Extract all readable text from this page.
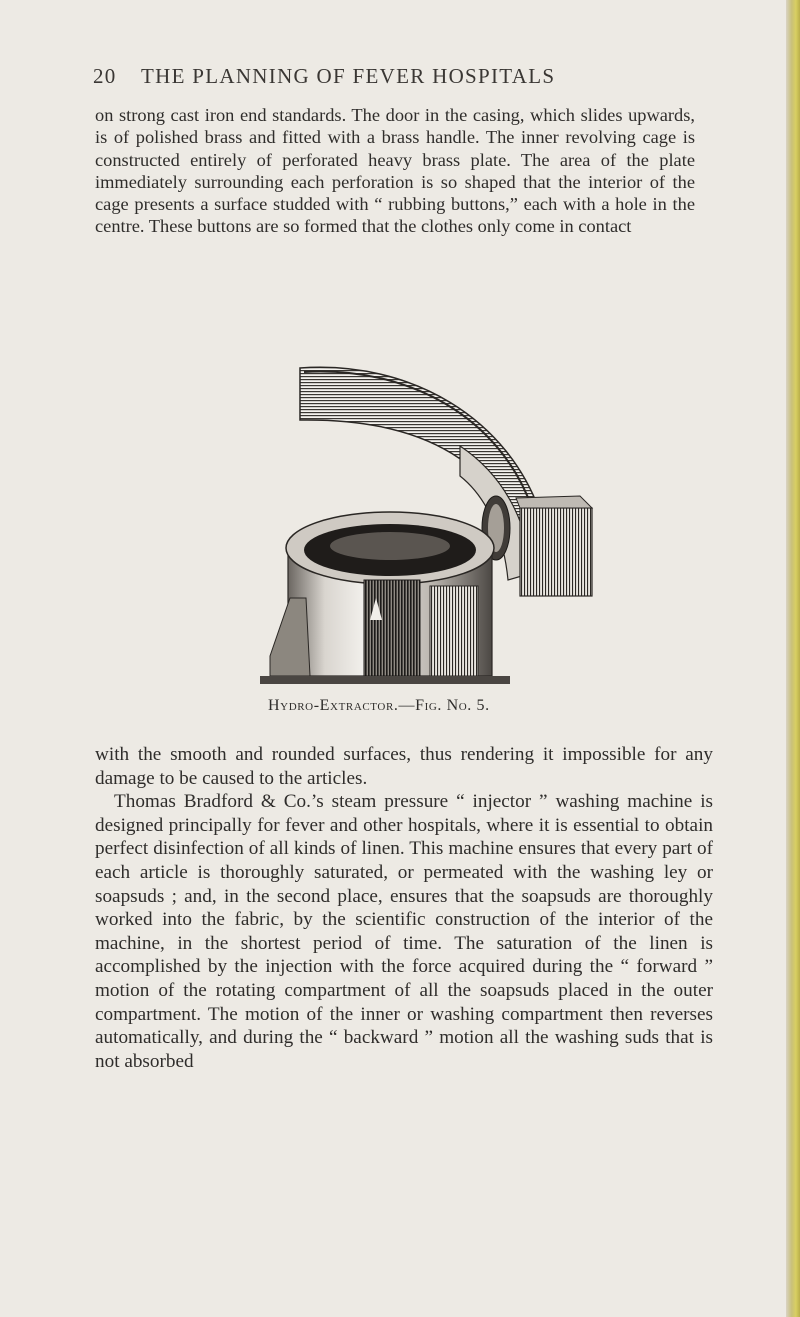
20 THE PLANNING OF FEVER HOSPITALS

on strong cast iron end standards. The door in the casing, which slides upwards, is of polished brass and fitted with a brass handle. The inner revolving cage is constructed entirely of perforated heavy brass plate. The area of the plate immediately surrounding each perforation is so shaped that the interior of the cage presents a surface studded with “ rubbing buttons,” each with a hole in the centre. These buttons are so formed that the clothes only come in contact

Hydro-Extractor.—Fig. No. 5.
with the smooth and rounded surfaces, thus rendering it impossible for any damage to be caused to the articles.
Thomas Bradford & Co.’s steam pressure “ injector ” washing machine is designed principally for fever and other hospitals, where it is essential to obtain perfect disinfection of all kinds of linen. This machine ensures that every part of each article is thoroughly saturated, or permeated with the washing ley or soapsuds ; and, in the second place, ensures that the soapsuds are thoroughly worked into the fabric, by the scientific construction of the interior of the machine, in the shortest period of time. The saturation of the linen is accomplished by the injection with the force acquired during the “ forward ” motion of the rotating compartment of all the soapsuds placed in the outer compartment. The motion of the inner or washing compartment then reverses automatically, and during the “ backward ” motion all the washing suds that is not absorbed
